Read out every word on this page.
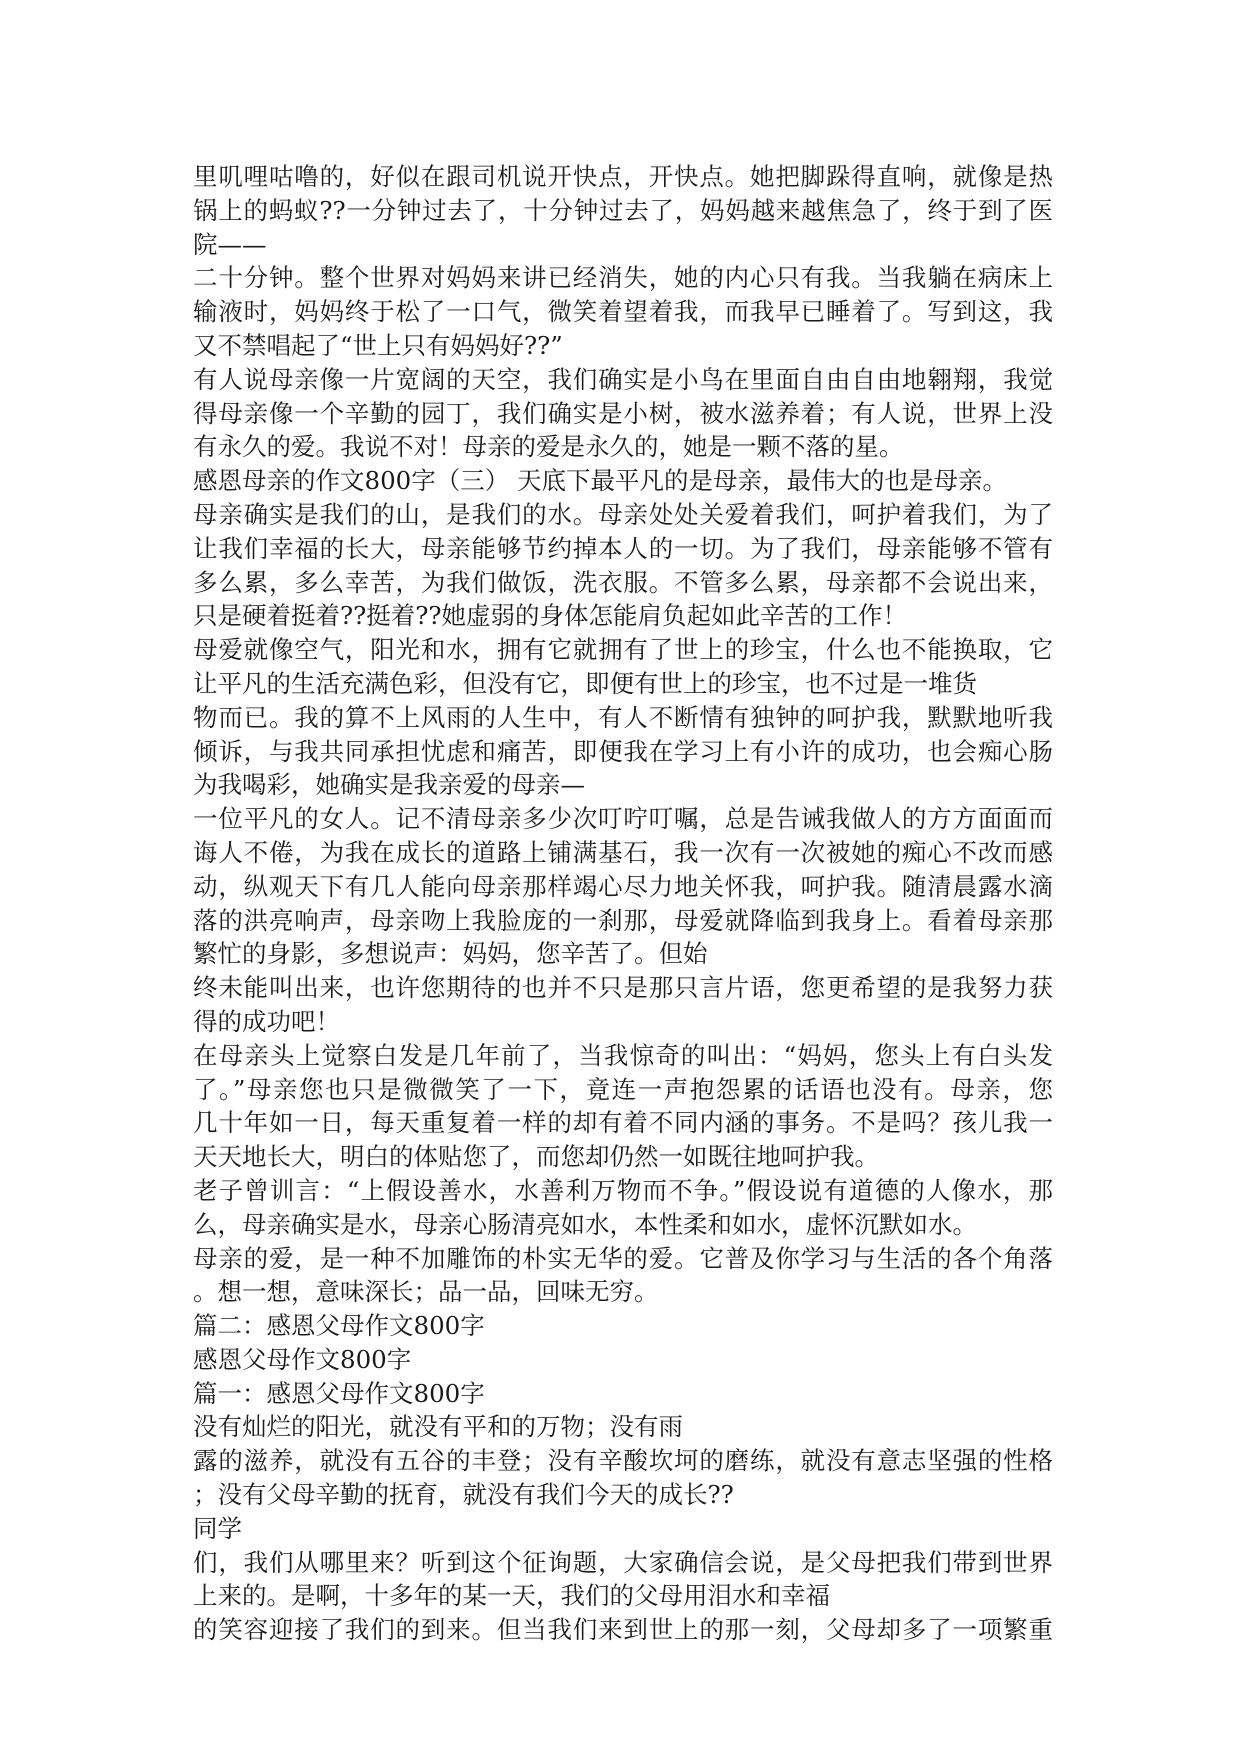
里叽哩咕噜的，好似在跟司机说开快点，开快点。她把脚跺得直响，就像是热
锅上的蚂蚁??一分钟过去了，十分钟过去了，妈妈越来越焦急了，终于到了医
院——
二十分钟。整个世界对妈妈来讲已经消失，她的内心只有我。当我躺在病床上
输液时，妈妈终于松了一口气，微笑着望着我，而我早已睡着了。写到这，我
又不禁唱起了“世上只有妈妈好??”
有人说母亲像一片宽阔的天空，我们确实是小鸟在里面自由自由地翱翔，我觉
得母亲像一个辛勤的园丁，我们确实是小树，被水滋养着；有人说，世界上没
有永久的爱。我说不对！母亲的爱是永久的，她是一颗不落的星。
感恩母亲的作文800字（三） 天底下最平凡的是母亲，最伟大的也是母亲。
母亲确实是我们的山，是我们的水。母亲处处关爱着我们，呵护着我们，为了
让我们幸福的长大，母亲能够节约掉本人的一切。为了我们，母亲能够不管有
多么累，多么幸苦，为我们做饭，洗衣服。不管多么累，母亲都不会说出来，
只是硬着挺着??挺着??她虚弱的身体怎能肩负起如此辛苦的工作！
母爱就像空气，阳光和水，拥有它就拥有了世上的珍宝，什么也不能换取，它
让平凡的生活充满色彩，但没有它，即便有世上的珍宝，也不过是一堆货
物而已。我的算不上风雨的人生中，有人不断情有独钟的呵护我，默默地听我
倾诉，与我共同承担忧虑和痛苦，即便我在学习上有小许的成功，也会痴心肠
为我喝彩，她确实是我亲爱的母亲—
一位平凡的女人。记不清母亲多少次叮咛叮嘱，总是告诫我做人的方方面面而
诲人不倦，为我在成长的道路上铺满基石，我一次有一次被她的痴心不改而感
动，纵观天下有几人能向母亲那样竭心尽力地关怀我，呵护我。随清晨露水滴
落的洪亮响声，母亲吻上我脸庞的一刹那，母爱就降临到我身上。看着母亲那
繁忙的身影，多想说声：妈妈，您辛苦了。但始
终未能叫出来，也许您期待的也并不只是那只言片语，您更希望的是我努力获
得的成功吧！
在母亲头上觉察白发是几年前了，当我惊奇的叫出：“妈妈，您头上有白头发
了。”母亲您也只是微微笑了一下，竟连一声抱怨累的话语也没有。母亲，您
几十年如一日，每天重复着一样的却有着不同内涵的事务。不是吗？孩儿我一
天天地长大，明白的体贴您了，而您却仍然一如既往地呵护我。
老子曾训言：“上假设善水，水善利万物而不争。”假设说有道德的人像水，那
么，母亲确实是水，母亲心肠清亮如水，本性柔和如水，虚怀沉默如水。
母亲的爱，是一种不加雕饰的朴实无华的爱。它普及你学习与生活的各个角落
。想一想，意味深长；品一品，回味无穷。
篇二：感恩父母作文800字
感恩父母作文800字
篇一：感恩父母作文800字
没有灿烂的阳光，就没有平和的万物；没有雨
露的滋养，就没有五谷的丰登；没有辛酸坎坷的磨练，就没有意志坚强的性格
；没有父母辛勤的抚育，就没有我们今天的成长??
同学
们，我们从哪里来？听到这个征询题，大家确信会说，是父母把我们带到世界
上来的。是啊，十多年的某一天，我们的父母用泪水和幸福
的笑容迎接了我们的到来。但当我们来到世上的那一刻，父母却多了一项繁重
